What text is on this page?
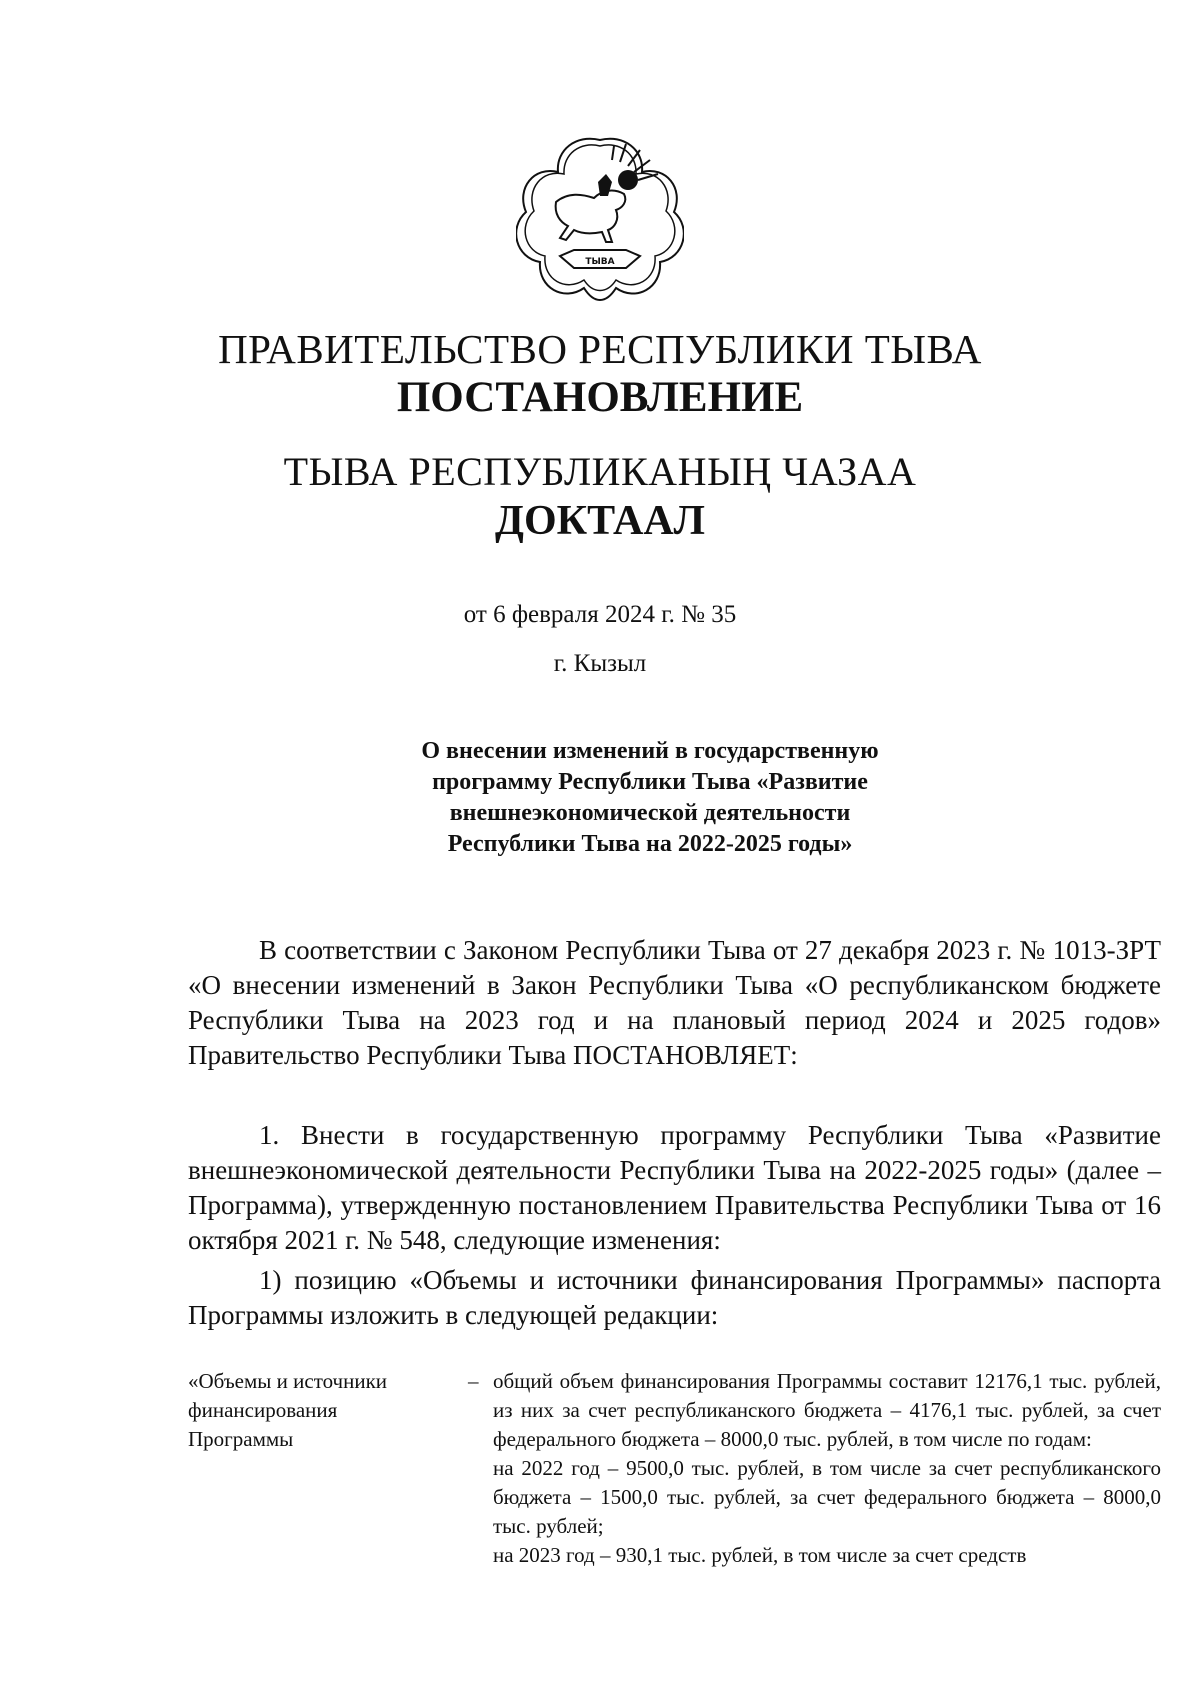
ТЫВА
ПРАВИТЕЛЬСТВО РЕСПУБЛИКИ ТЫВА
ПОСТАНОВЛЕНИЕ
ТЫВА РЕСПУБЛИКАНЫҢ ЧАЗАА
ДОКТААЛ
от 6 февраля 2024 г. № 35
г. Кызыл
О внесении изменений в государственную
программу Республики Тыва «Развитие
внешнеэкономической деятельности
Республики Тыва на 2022-2025 годы»

В соответствии с Законом Республики Тыва от 27 декабря 2023 г. № 1013-ЗРТ «О внесении изменений в Закон Республики Тыва «О республиканском бюджете Республики Тыва на 2023 год и на плановый период 2024 и 2025 годов» Правительство Республики Тыва ПОСТАНОВЛЯЕТ:

1. Внести в государственную программу Республики Тыва «Развитие внешнеэкономической деятельности Республики Тыва на 2022-2025 годы» (далее – Программа), утвержденную постановлением Правительства Республики Тыва от 16 октября 2021 г. № 548, следующие изменения:

1) позицию «Объемы и источники финансирования Программы» паспорта Программы изложить в следующей редакции:

«Объемы и источники финансирования Программы
– общий объем финансирования Программы составит 12176,1 тыс. рублей, из них за счет республиканского бюджета – 4176,1 тыс. рублей, за счет федерального бюджета – 8000,0 тыс. рублей, в том числе по годам:

на 2022 год – 9500,0 тыс. рублей, в том числе за счет республиканского бюджета – 1500,0 тыс. рублей, за счет федерального бюджета – 8000,0 тыс. рублей;

на 2023 год – 930,1 тыс. рублей, в том числе за счет средств
